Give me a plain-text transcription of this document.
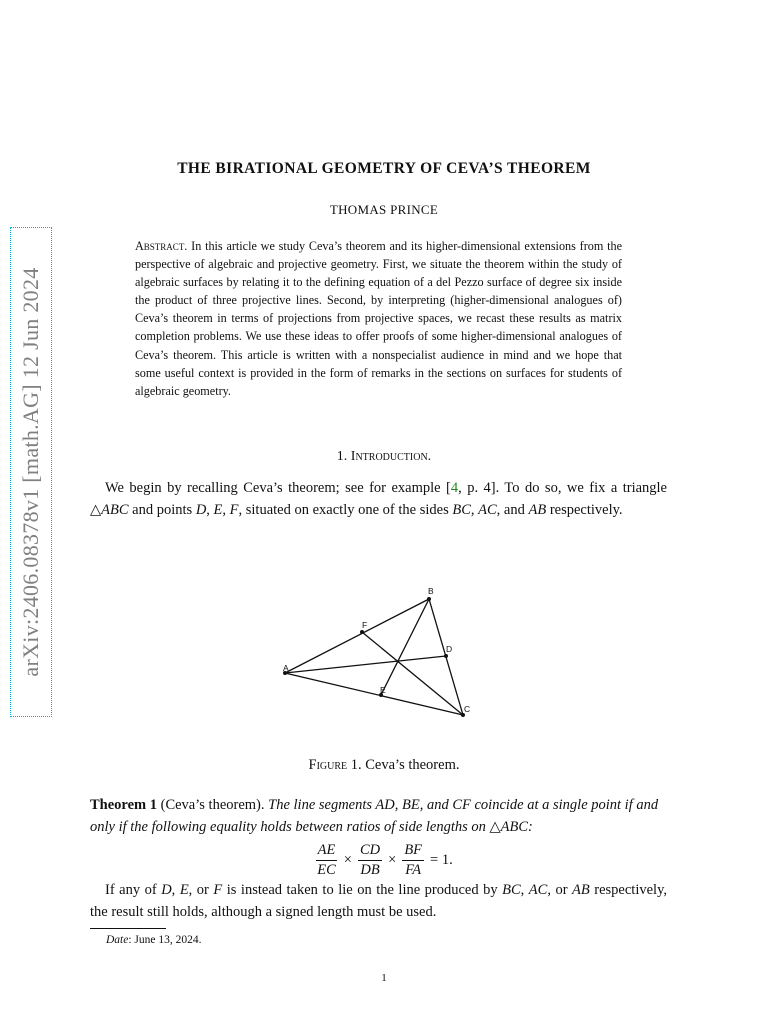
arXiv:2406.08378v1 [math.AG] 12 Jun 2024
THE BIRATIONAL GEOMETRY OF CEVA’S THEOREM
THOMAS PRINCE
Abstract. In this article we study Ceva’s theorem and its higher-dimensional extensions from the perspective of algebraic and projective geometry. First, we situate the theorem within the study of algebraic surfaces by relating it to the defining equation of a del Pezzo surface of degree six inside the product of three projective lines. Second, by interpreting (higher-dimensional analogues of) Ceva’s theorem in terms of projections from projective spaces, we recast these results as matrix completion problems. We use these ideas to offer proofs of some higher-dimensional analogues of Ceva’s theorem. This article is written with a nonspecialist audience in mind and we hope that some useful context is provided in the form of remarks in the sections on surfaces for students of algebraic geometry.
1. Introduction.
We begin by recalling Ceva’s theorem; see for example [4, p. 4]. To do so, we fix a triangle △ABC and points D, E, F, situated on exactly one of the sides BC, AC, and AB respectively.
A
B
C
D
E
F
Figure 1. Ceva’s theorem.
Theorem 1 (Ceva’s theorem). The line segments AD, BE, and CF coincide at a single point if and only if the following equality holds between ratios of side lengths on △ABC:
$\frac{AE}{EC} \times \frac{CD}{DB} \times \frac{BF}{FA} = 1$.
If any of D, E, or F is instead taken to lie on the line produced by BC, AC, or AB respectively, the result still holds, although a signed length must be used.
Date: June 13, 2024.
1
